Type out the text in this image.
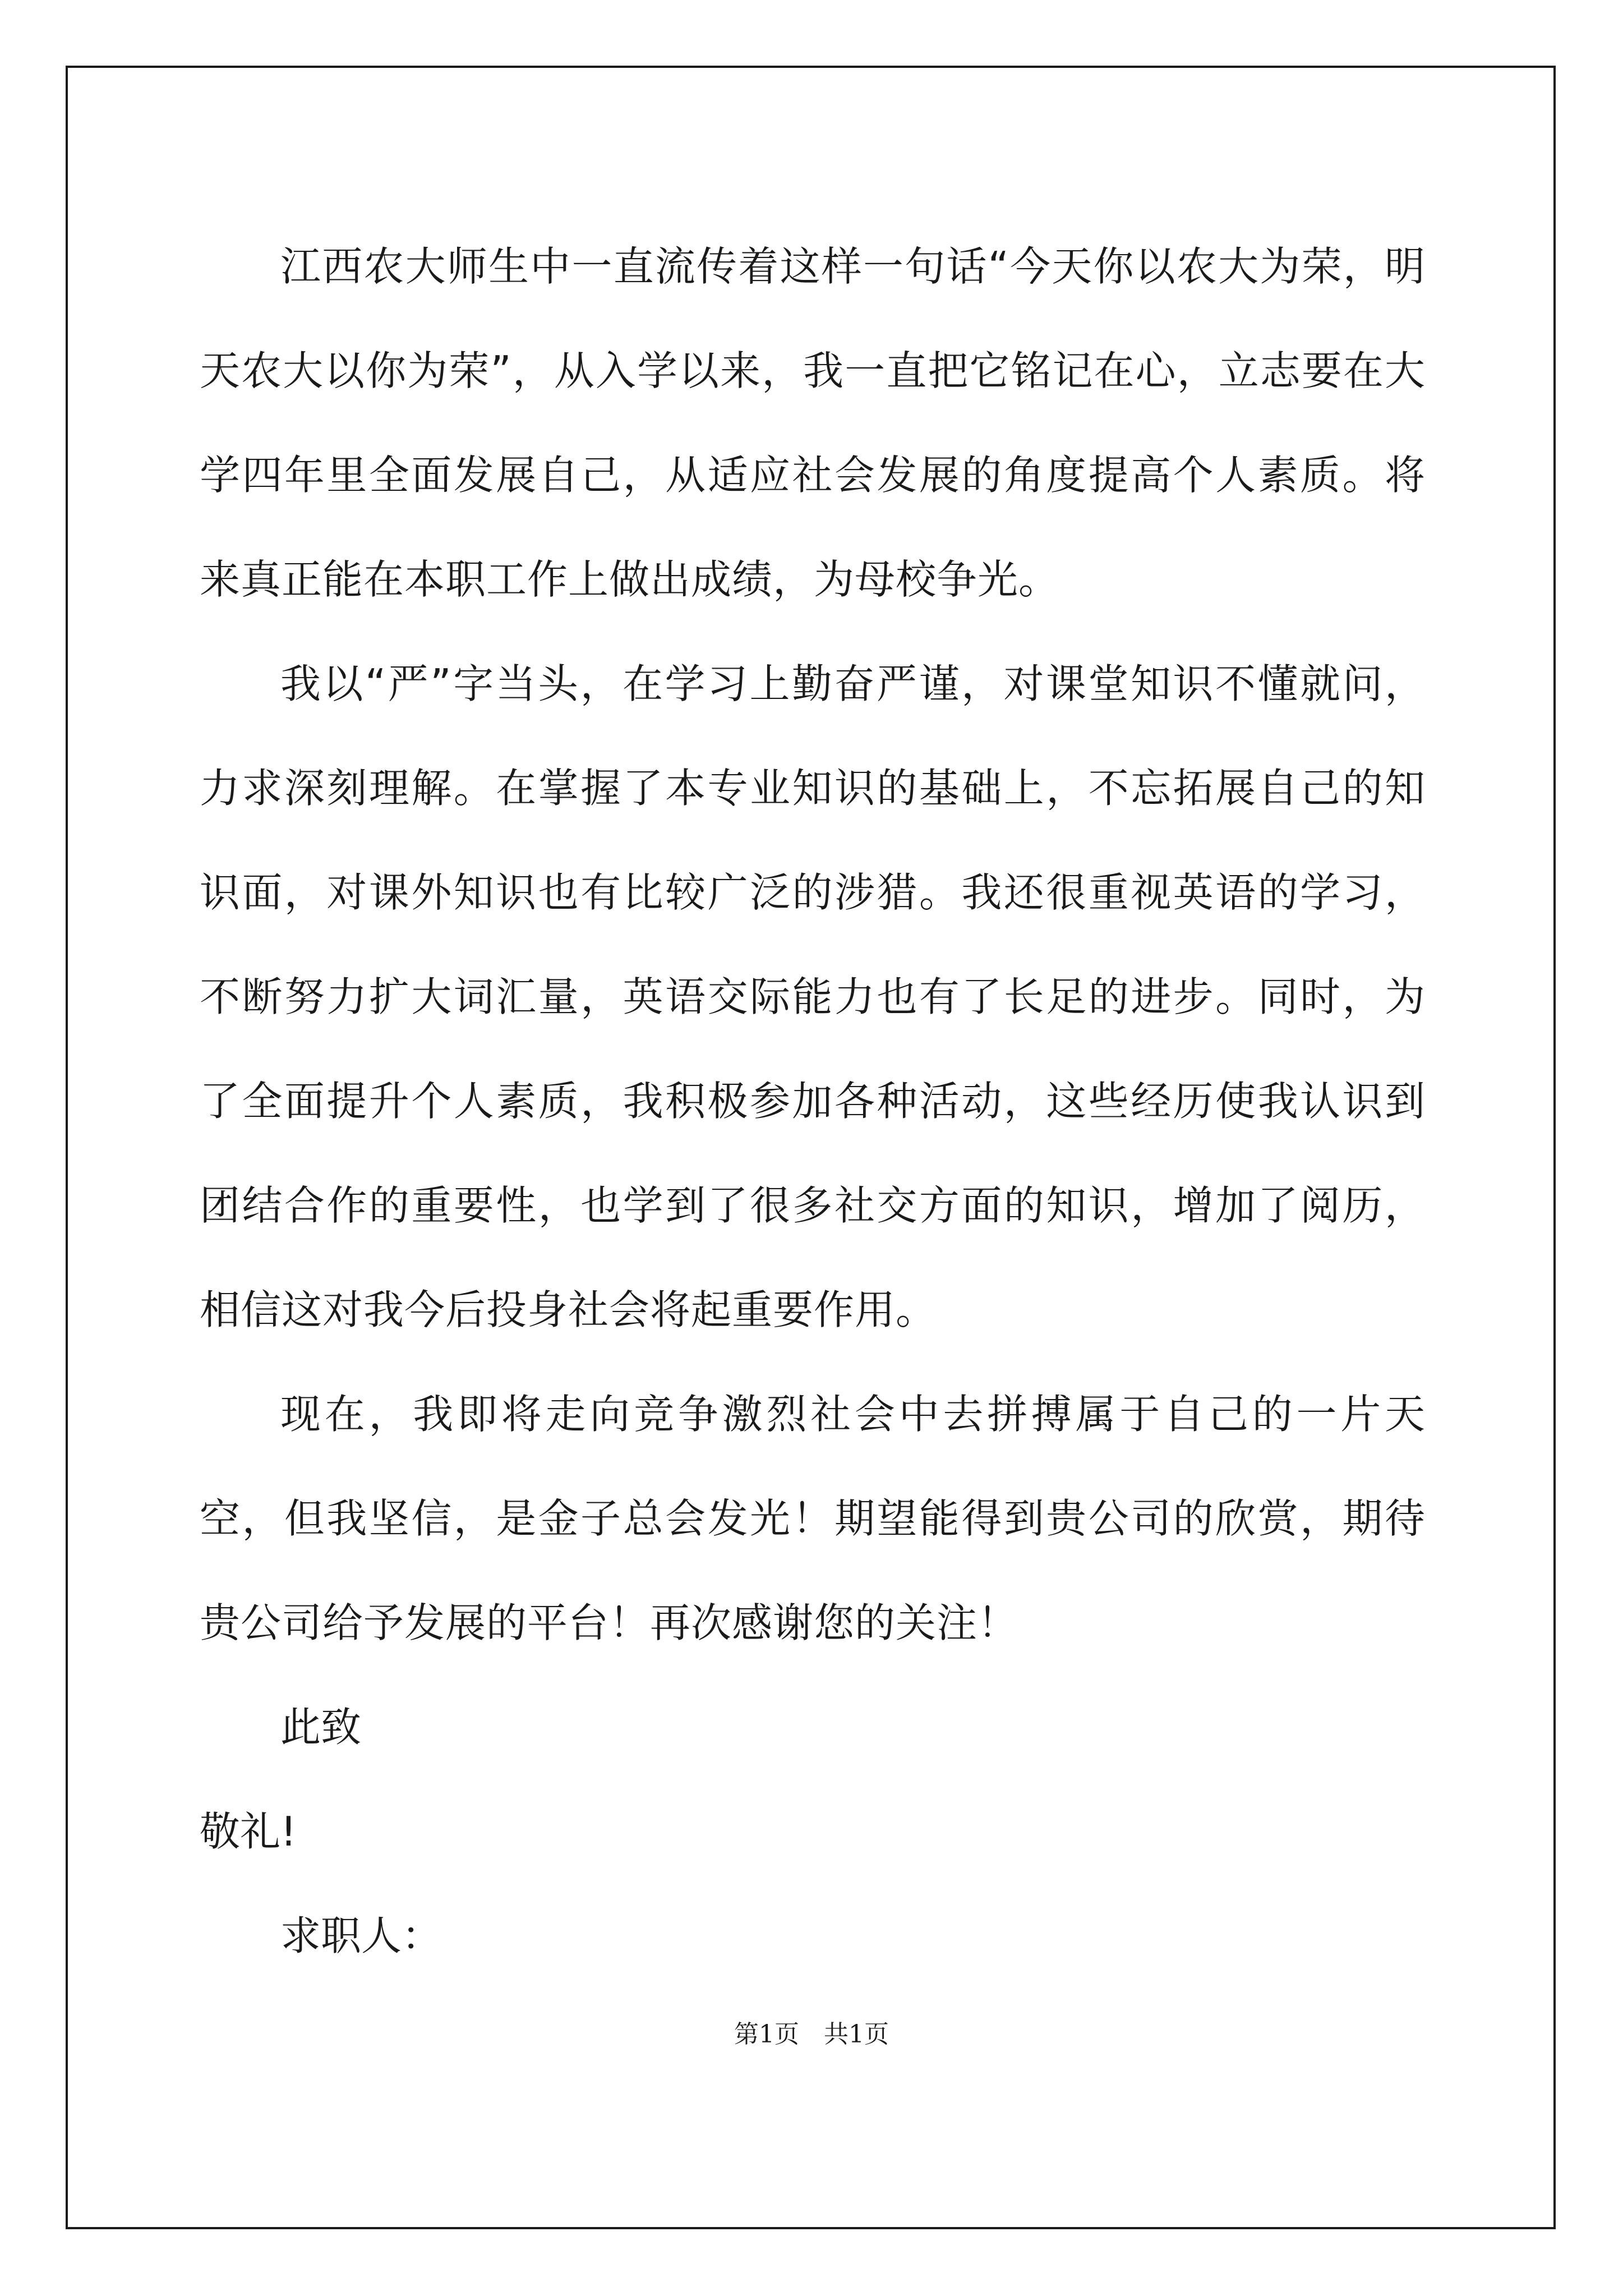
江西农大师生中一直流传着这样一句话“今天你以农大为荣，明天农大以你为荣”，从入学以来，我一直把它铭记在心，立志要在大学四年里全面发展自己，从适应社会发展的角度提高个人素质。将来真正能在本职工作上做出成绩，为母校争光。

我以“严”字当头，在学习上勤奋严谨，对课堂知识不懂就问，力求深刻理解。在掌握了本专业知识的基础上，不忘拓展自己的知识面，对课外知识也有比较广泛的涉猎。我还很重视英语的学习，不断努力扩大词汇量，英语交际能力也有了长足的进步。同时，为了全面提升个人素质，我积极参加各种活动，这些经历使我认识到团结合作的重要性，也学到了很多社交方面的知识，增加了阅历，相信这对我今后投身社会将起重要作用。

现在，我即将走向竞争激烈社会中去拼搏属于自己的一片天空，但我坚信，是金子总会发光！期望能得到贵公司的欣赏，期待贵公司给予发展的平台！再次感谢您的关注！

此致

敬礼!

求职人：

第1页　共1页
